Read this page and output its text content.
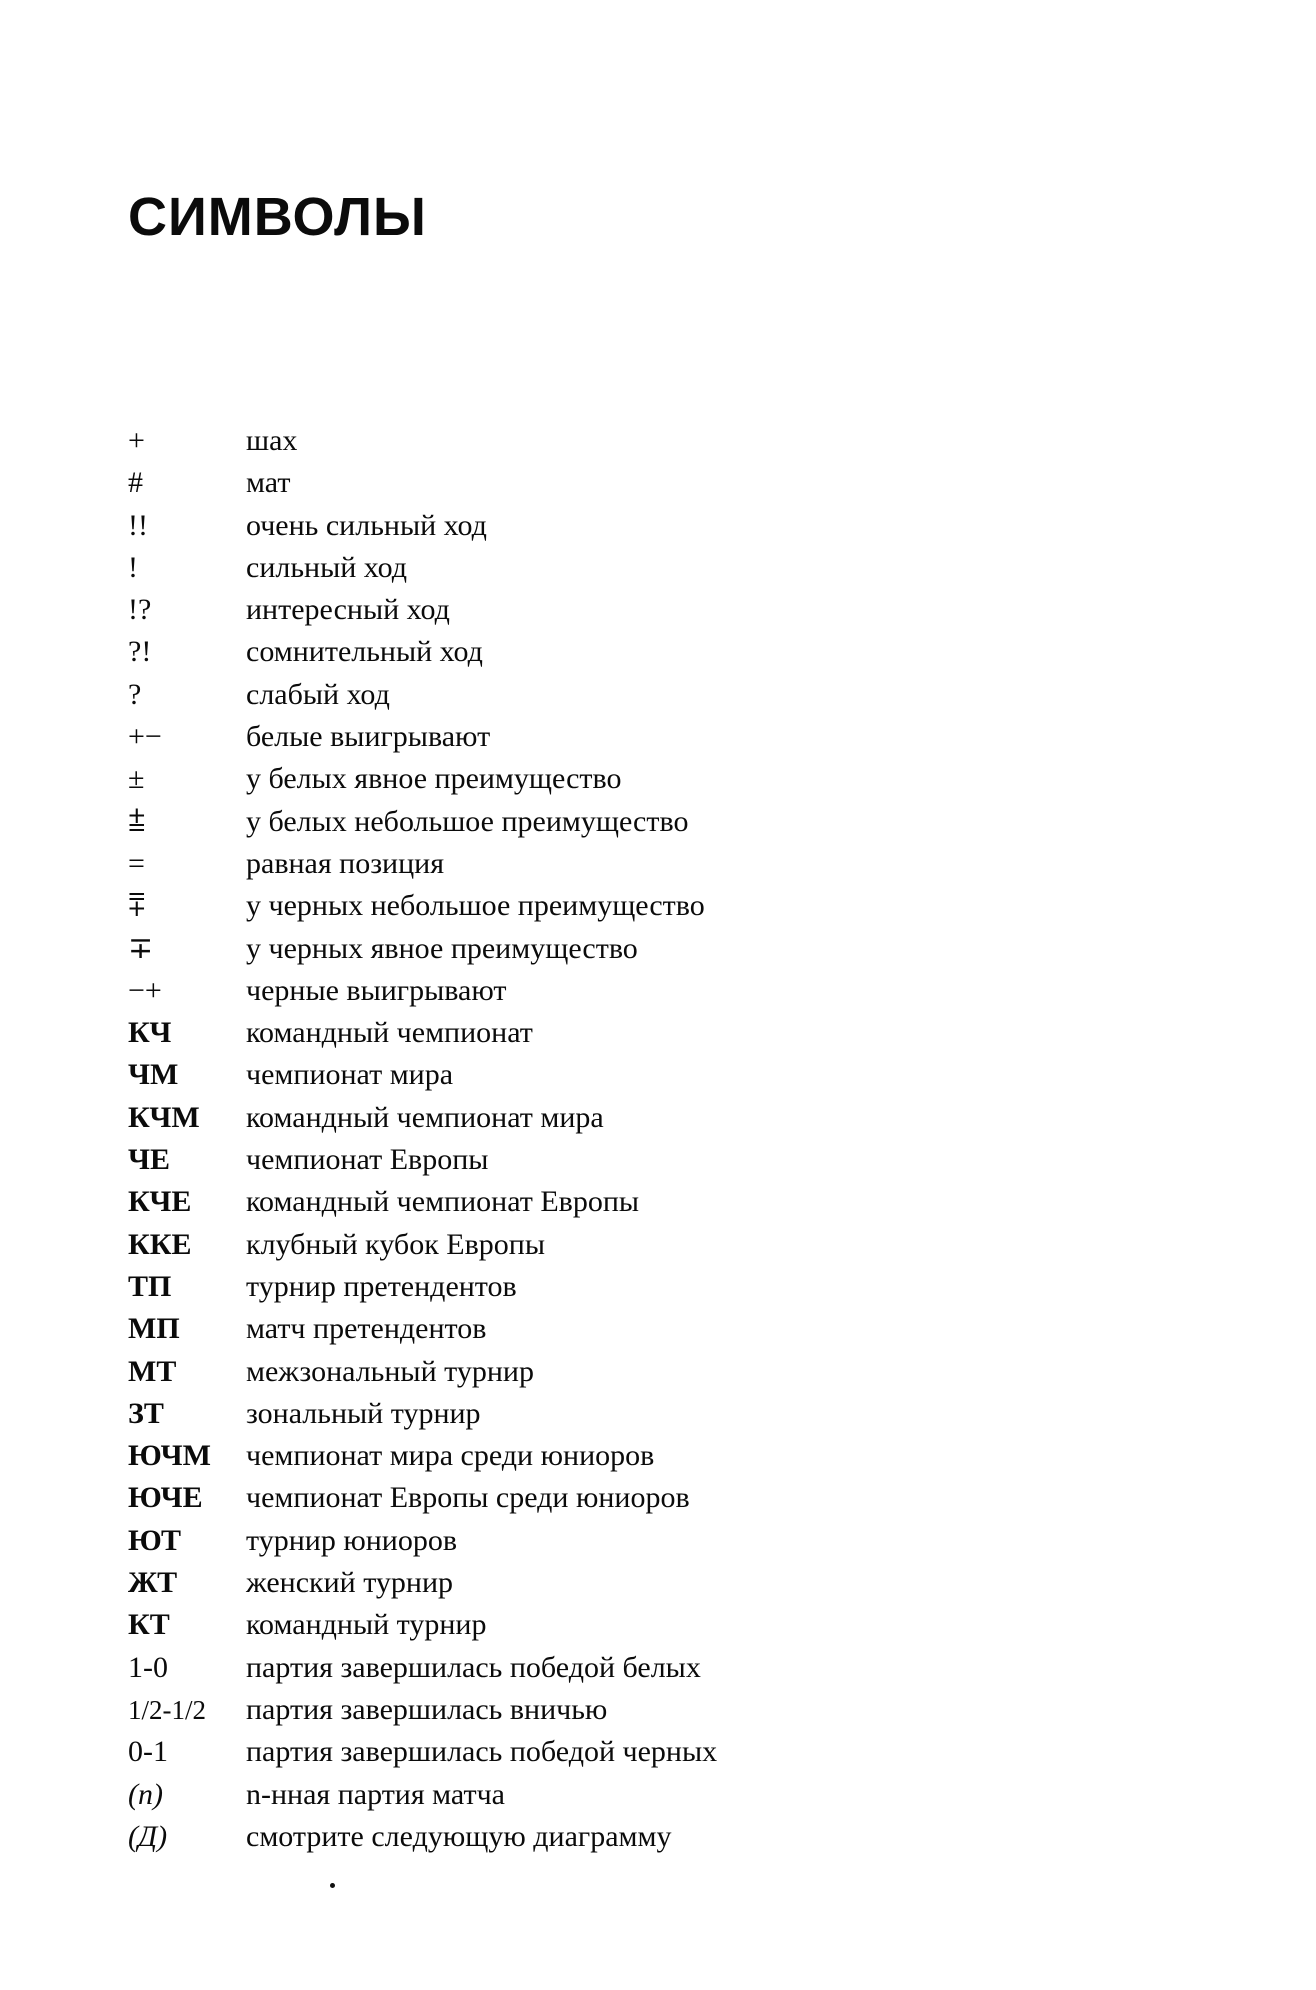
СИМВОЛЫ
+	шах
#	мат
!!	очень сильный ход
!	сильный ход
!?	интересный ход
?!	сомнительный ход
?	слабый ход
+−	белые выигрывают
±	у белых явное преимущество
⩲	у белых небольшое преимущество
=	равная позиция
⩱	у черных небольшое преимущество
∓	у черных явное преимущество
−+	черные выигрывают
КЧ	командный чемпионат
ЧМ	чемпионат мира
КЧМ	командный чемпионат мира
ЧЕ	чемпионат Европы
КЧЕ	командный чемпионат Европы
ККЕ	клубный кубок Европы
ТП	турнир претендентов
МП	матч претендентов
МТ	межзональный турнир
ЗТ	зональный турнир
ЮЧМ	чемпионат мира среди юниоров
ЮЧЕ	чемпионат Европы среди юниоров
ЮТ	турнир юниоров
ЖТ	женский турнир
КТ	командный турнир
1-0	партия завершилась победой белых
1/2-1/2	партия завершилась вничью
0-1	партия завершилась победой черных
(n)	n-нная партия матча
(Д)	смотрите следующую диаграмму
